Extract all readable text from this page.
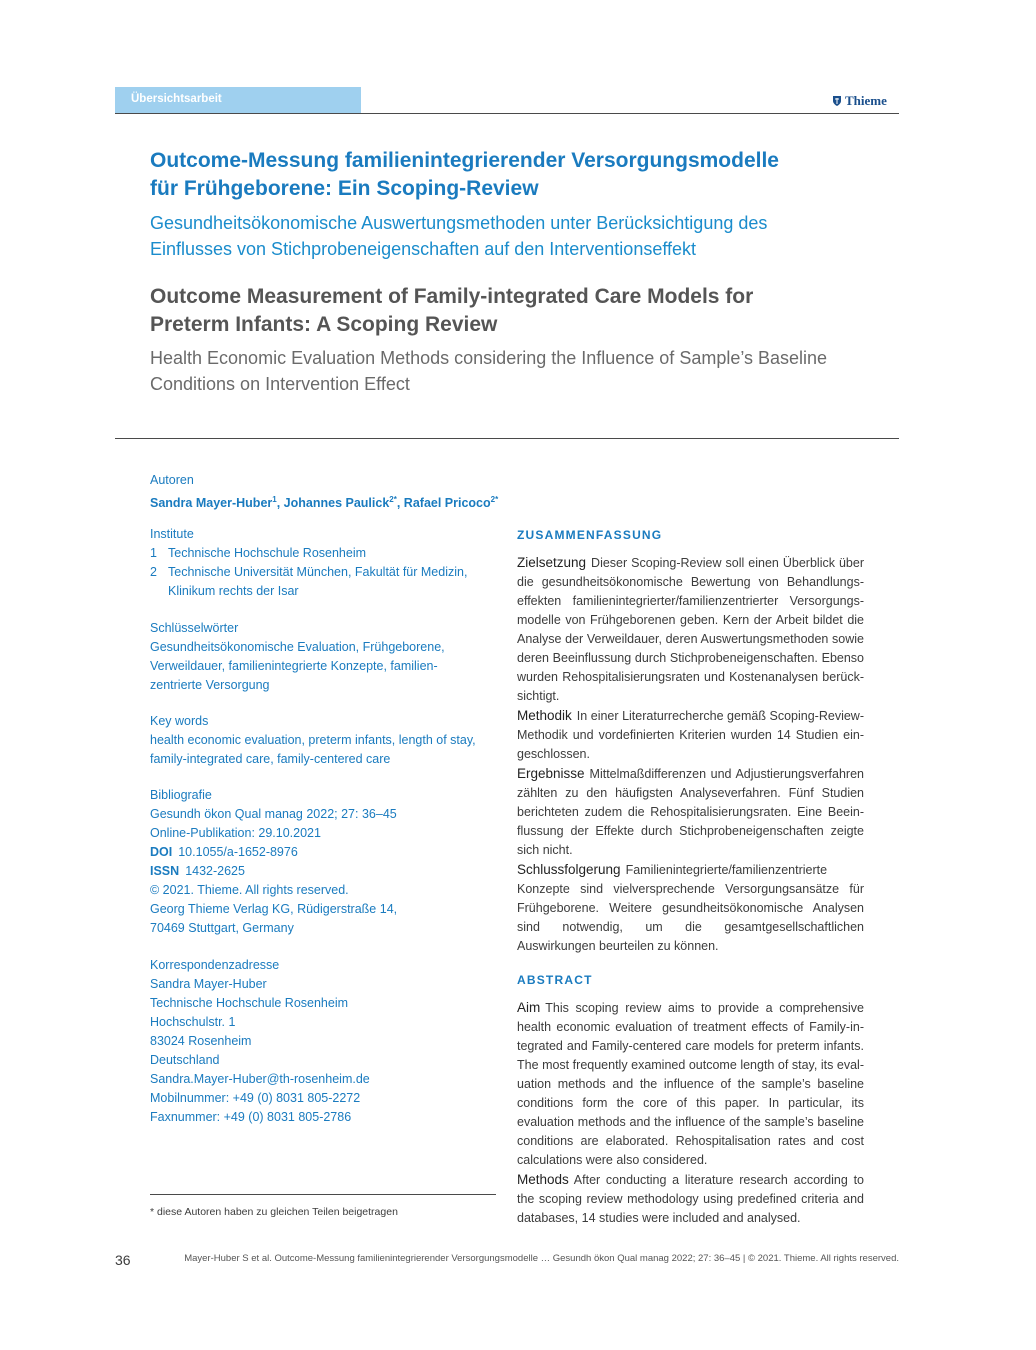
Übersichtsarbeit	Thieme
Outcome-Messung familienintegrierender Versorgungsmodelle
für Frühgeborene: Ein Scoping-Review
Gesundheitsökonomische Auswertungsmethoden unter Berücksichtigung des
Einflusses von Stichprobeneigenschaften auf den Interventionseffekt
Outcome Measurement of Family-integrated Care Models for
Preterm Infants: A Scoping Review
Health Economic Evaluation Methods considering the Influence of Sample’s Baseline
Conditions on Intervention Effect
Autoren
Sandra Mayer-Huber$^1$, Johannes Paulick$^{2*}$, Rafael Pricoco$^{2*}$
Institute
1 Technische Hochschule Rosenheim
2 Technische Universität München, Fakultät für Medizin,
Klinikum rechts der Isar
Schlüsselwörter
Gesundheitsökonomische Evaluation, Frühgeborene,
Verweildauer, familienintegrierte Konzepte, familien-
zentrierte Versorgung
Key words
health economic evaluation, preterm infants, length of stay,
family-integrated care, family-centered care
Bibliografie
Gesundh ökon Qual manag 2022; 27: 36–45
Online-Publikation: 29.10.2021
DOI 10.1055/a-1652-8976
ISSN 1432-2625
© 2021. Thieme. All rights reserved.
Georg Thieme Verlag KG, Rüdigerstraße 14,
70469 Stuttgart, Germany
Korrespondenzadresse
Sandra Mayer-Huber
Technische Hochschule Rosenheim
Hochschulstr. 1
83024 Rosenheim
Deutschland
Sandra.Mayer-Huber@th-rosenheim.de
Mobilnummer: +49 (0) 8031 805-2272
Faxnummer: +49 (0) 8031 805-2786
* diese Autoren haben zu gleichen Teilen beigetragen
ZUSAMMENFASSUNG

Zielsetzung Dieser Scoping-Review soll einen Überblick über die gesundheitsökonomische Bewertung von Behandlungseffekten familienintegrierter/familienzentrierter Versorgungsmodelle von Frühgeborenen geben. Kern der Arbeit bildet die Analyse der Verweildauer, deren Auswertungsmethoden sowie deren Beeinflussung durch Stichprobeneigenschaften. Ebenso wurden Rehospitalisierungsraten und Kostenanalysen berücksichtigt.

Methodik In einer Literaturrecherche gemäß Scoping-Review-Methodik und vordefinierten Kriterien wurden 14 Studien eingeschlossen.

Ergebnisse Mittelmaßdifferenzen und Adjustierungsverfahren zählten zu den häufigsten Analyseverfahren. Fünf Studien berichteten zudem die Rehospitalisierungsraten. Eine Beeinflussung der Effekte durch Stichprobeneigenschaften zeigte sich nicht.

Schlussfolgerung Familienintegrierte/familienzentrierte Konzepte sind vielversprechende Versorgungsansätze für Frühgeborene. Weitere gesundheitsökonomische Analysen sind notwendig, um die gesamtgesellschaftlichen Auswirkungen beurteilen zu können.

ABSTRACT

Aim This scoping review aims to provide a comprehensive health economic evaluation of treatment effects of Family-integrated and Family-centered care models for preterm infants. The most frequently examined outcome length of stay, its evaluation methods and the influence of the sample’s baseline conditions form the core of this paper. In particular, its evaluation methods and the influence of the sample’s baseline conditions are elaborated. Rehospitalisation rates and cost calculations were also considered.

Methods After conducting a literature research according to the scoping review methodology using predefined criteria and databases, 14 studies were included and analysed.

36	Mayer-Huber S et al. Outcome-Messung familienintegrierender Versorgungsmodelle … Gesundh ökon Qual manag 2022; 27: 36–45 | © 2021. Thieme. All rights reserved.
